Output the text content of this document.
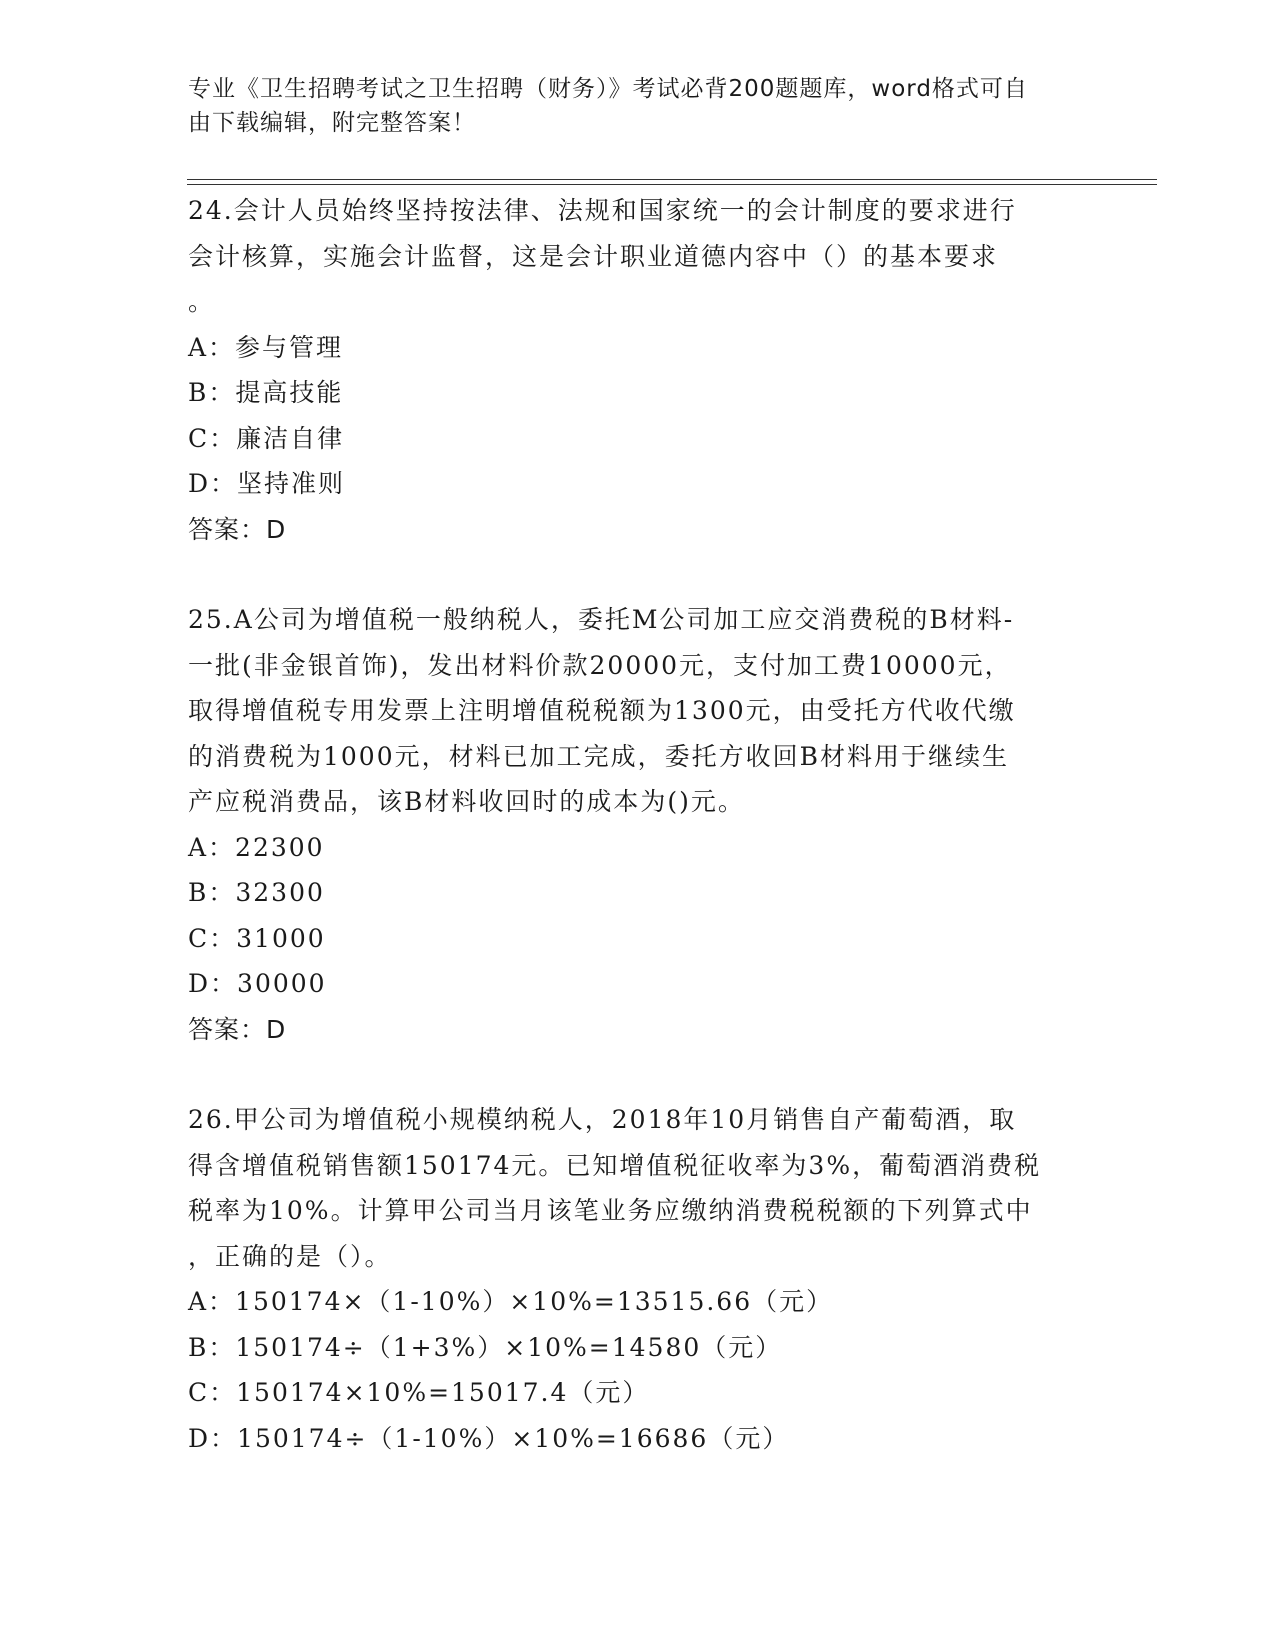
专业《卫生招聘考试之卫生招聘（财务）》考试必背200题题库，word格式可自
由下载编辑，附完整答案！

24.会计人员始终坚持按法律、法规和国家统一的会计制度的要求进行
会计核算，实施会计监督，这是会计职业道德内容中（）的基本要求
。

A：参与管理

B：提高技能

C：廉洁自律

D：坚持准则

答案：D

25.A公司为增值税一般纳税人，委托M公司加工应交消费税的B材料-
一批(非金银首饰)，发出材料价款20000元，支付加工费10000元，
取得增值税专用发票上注明增值税税额为1300元，由受托方代收代缴
的消费税为1000元，材料已加工完成，委托方收回B材料用于继续生
产应税消费品，该B材料收回时的成本为()元。

A：22300

B：32300

C：31000

D：30000

答案：D

26.甲公司为增值税小规模纳税人，2018年10月销售自产葡萄酒，取
得含增值税销售额150174元。已知增值税征收率为3%，葡萄酒消费税
税率为10%。计算甲公司当月该笔业务应缴纳消费税税额的下列算式中
，正确的是（）。

A：150174×（1-10%）×10%=13515.66（元）

B：150174÷（1+3%）×10%=14580（元）

C：150174×10%=15017.4（元）

D：150174÷（1-10%）×10%=16686（元）
